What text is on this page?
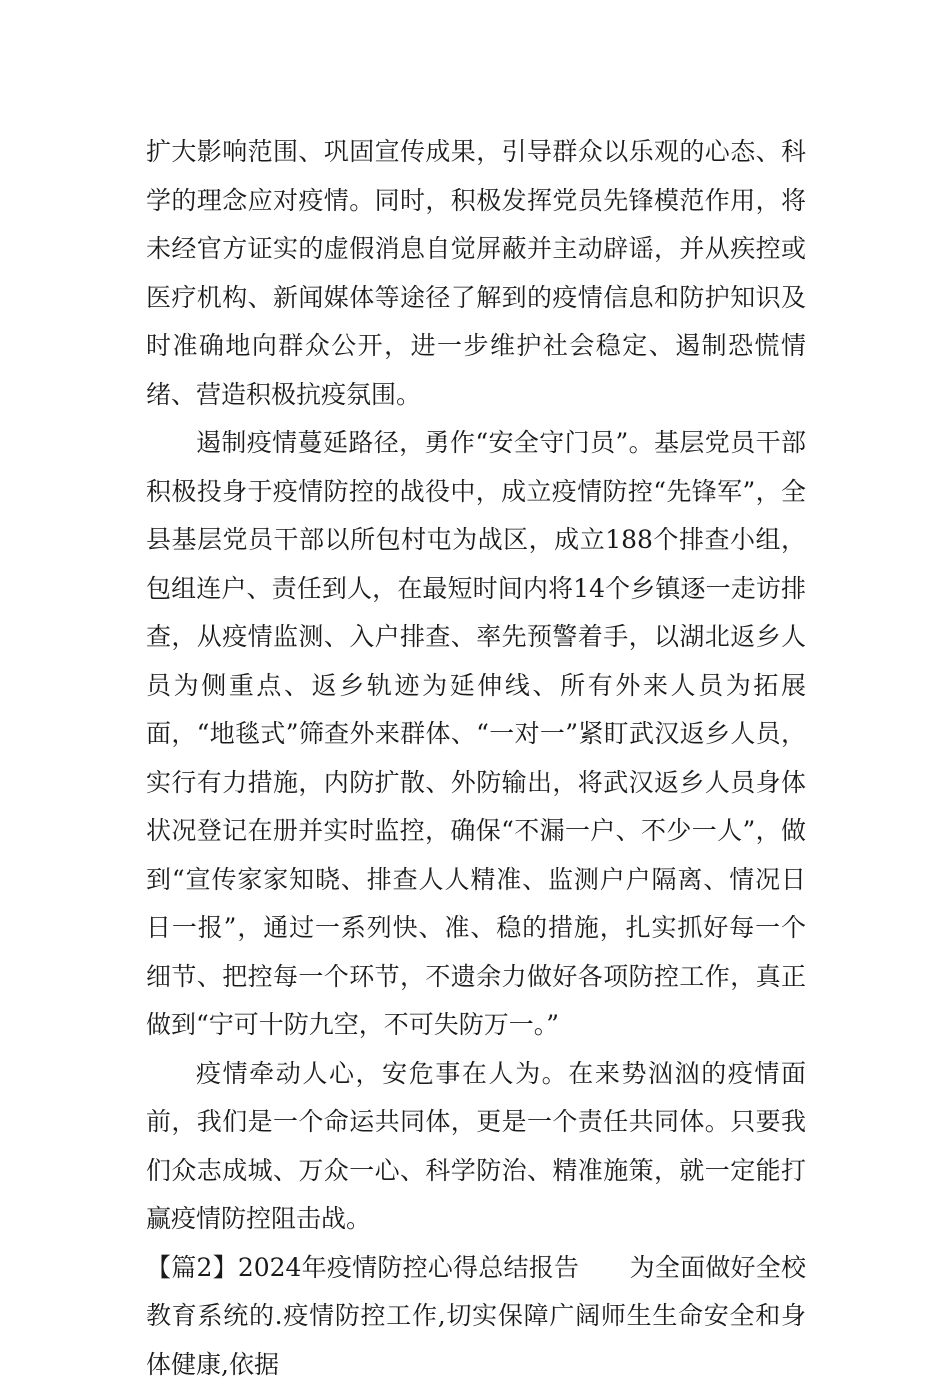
扩大影响范围、巩固宣传成果，引导群众以乐观的心态、科学的理念应对疫情。同时，积极发挥党员先锋模范作用，将未经官方证实的虚假消息自觉屏蔽并主动辟谣，并从疾控或医疗机构、新闻媒体等途径了解到的疫情信息和防护知识及时准确地向群众公开，进一步维护社会稳定、遏制恐慌情绪、营造积极抗疫氛围。

遏制疫情蔓延路径，勇作“安全守门员”。基层党员干部积极投身于疫情防控的战役中，成立疫情防控“先锋军”，全县基层党员干部以所包村屯为战区，成立188个排查小组，包组连户、责任到人，在最短时间内将14个乡镇逐一走访排查，从疫情监测、入户排查、率先预警着手，以湖北返乡人员为侧重点、返乡轨迹为延伸线、所有外来人员为拓展面，“地毯式”筛查外来群体、“一对一”紧盯武汉返乡人员，实行有力措施，内防扩散、外防输出，将武汉返乡人员身体状况登记在册并实时监控，确保“不漏一户、不少一人”，做到“宣传家家知晓、排查人人精准、监测户户隔离、情况日日一报”，通过一系列快、准、稳的措施，扎实抓好每一个细节、把控每一个环节，不遗余力做好各项防控工作，真正做到“宁可十防九空，不可失防万一。”

疫情牵动人心，安危事在人为。在来势汹汹的疫情面前，我们是一个命运共同体，更是一个责任共同体。只要我们众志成城、万众一心、科学防治、精准施策，就一定能打赢疫情防控阻击战。

【篇2】2024年疫情防控心得总结报告　　为全面做好全校教育系统的.疫情防控工作,切实保障广阔师生生命安全和身体健康,依据
